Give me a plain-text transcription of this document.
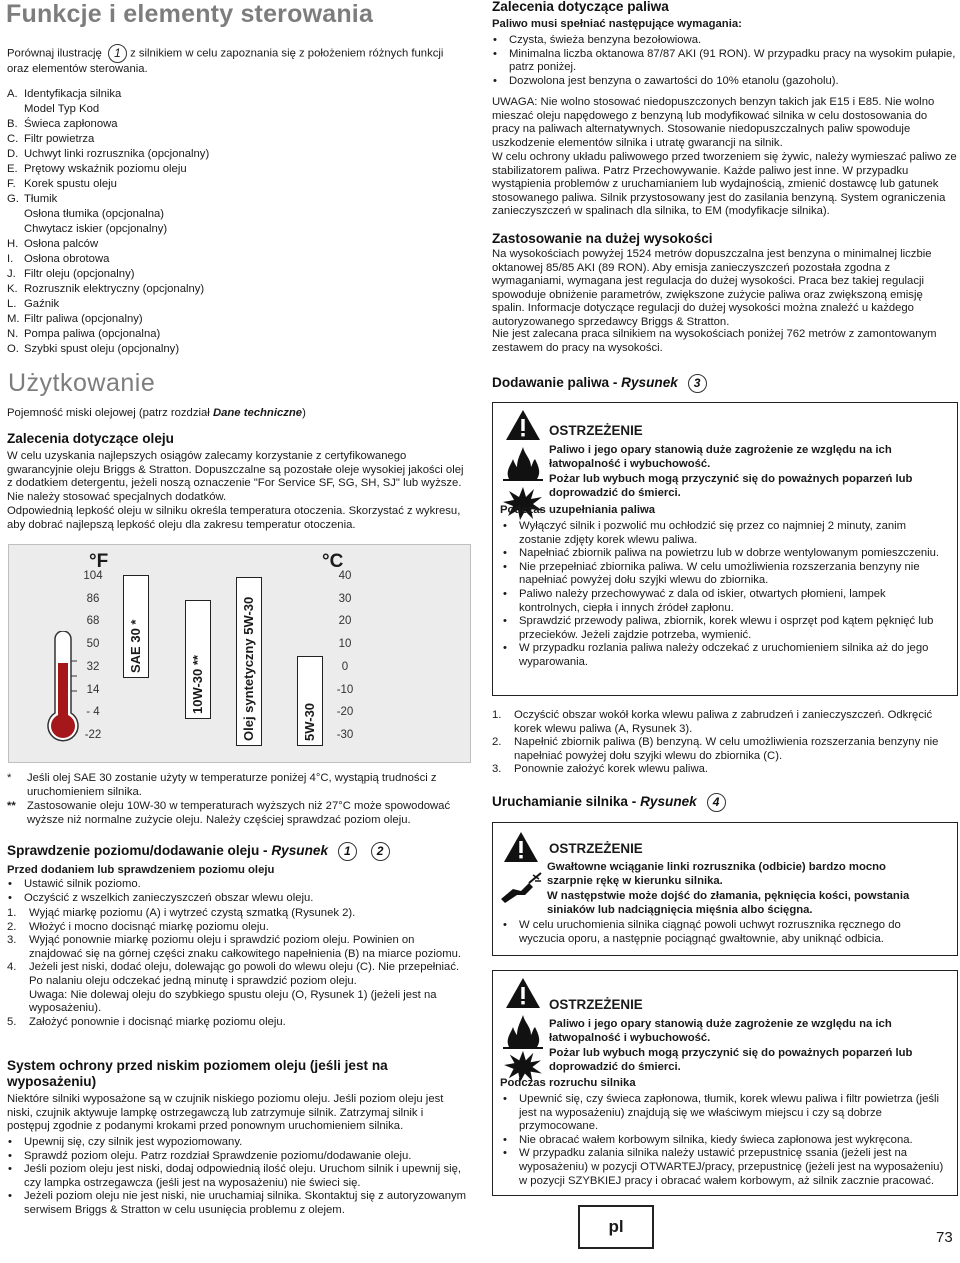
Funkcje i elementy sterowania
Porównaj ilustrację 1 z silnikiem w celu zapoznania się z położeniem różnych funkcji oraz elementów sterowania.
A. Identyfikacja silnika
Model Typ Kod
B. Świeca zapłonowa
C. Filtr powietrza
D. Uchwyt linki rozrusznika (opcjonalny)
E. Prętowy wskaźnik poziomu oleju
F. Korek spustu oleju
G. Tłumik
Osłona tłumika (opcjonalna)
Chwytacz iskier (opcjonalny)
H. Osłona palców
I. Osłona obrotowa
J. Filtr oleju (opcjonalny)
K. Rozrusznik elektryczny (opcjonalny)
L. Gaźnik
M. Filtr paliwa (opcjonalny)
N. Pompa paliwa (opcjonalna)
O. Szybki spust oleju (opcjonalny)
Użytkowanie
Pojemność miski olejowej (patrz rozdział Dane techniczne)
Zalecenia dotyczące oleju

W celu uzyskania najlepszych osiągów zalecamy korzystanie z certyfikowanego gwarancyjnie oleju Briggs & Stratton. Dopuszczalne są pozostałe oleje wysokiej jakości olej z dodatkiem detergentu, jeżeli noszą oznaczenie "For Service SF, SG, SH, SJ" lub wyższe. Nie należy stosować specjalnych dodatków.

Odpowiednią lepkość oleju w silniku określa temperatura otoczenia. Skorzystać z wykresu, aby dobrać najlepszą lepkość oleju dla zakresu temperatur otoczenia.

°F	°C
104
86
68
50
32
14
- 4
-22
40
30
20
10
0
-10
-20
-30
SAE 30 *
10W-30 **	Olej syntetyczny 5W-30	5W-30
* Jeśli olej SAE 30 zostanie użyty w temperaturze poniżej 4°C, wystąpią trudności z uruchomieniem silnika.

** Zastosowanie oleju 10W-30 w temperaturach wyższych niż 27°C może spowodować wyższe niż normalne zużycie oleju. Należy częściej sprawdzać poziom oleju.

Sprawdzenie poziomu/dodawanie oleju - Rysunek 1 2
Przed dodaniem lub sprawdzeniem poziomu oleju
• Ustawić silnik poziomo.
• Oczyścić z wszelkich zanieczyszczeń obszar wlewu oleju.
1. Wyjąć miarkę poziomu (A) i wytrzeć czystą szmatką (Rysunek 2).
2. Włożyć i mocno docisnąć miarkę poziomu oleju.
3. Wyjąć ponownie miarkę poziomu oleju i sprawdzić poziom oleju. Powinien on znajdować się na górnej części znaku całkowitego napełnienia (B) na miarce poziomu.
4. Jeżeli jest niski, dodać oleju, dolewając go powoli do wlewu oleju (C). Nie przepełniać. Po nalaniu oleju odczekać jedną minutę i sprawdzić poziom oleju.
Uwaga: Nie dolewaj oleju do szybkiego spustu oleju (O, Rysunek 1) (jeżeli jest na wyposażeniu).
5. Założyć ponownie i docisnąć miarkę poziomu oleju.
System ochrony przed niskim poziomem oleju (jeśli jest na wyposażeniu)

Niektóre silniki wyposażone są w czujnik niskiego poziomu oleju. Jeśli poziom oleju jest niski, czujnik aktywuje lampkę ostrzegawczą lub zatrzymuje silnik. Zatrzymaj silnik i postępuj zgodnie z podanymi krokami przed ponownym uruchomieniem silnika.

• Upewnij się, czy silnik jest wypoziomowany.
• Sprawdź poziom oleju. Patrz rozdział Sprawdzenie poziomu/dodawanie oleju.
• Jeśli poziom oleju jest niski, dodaj odpowiednią ilość oleju. Uruchom silnik i upewnij się, czy lampka ostrzegawcza (jeśli jest na wyposażeniu) nie świeci się.
• Jeżeli poziom oleju nie jest niski, nie uruchamiaj silnika. Skontaktuj się z autoryzowanym serwisem Briggs & Stratton w celu usunięcia problemu z olejem.
Zalecenia dotyczące paliwa
Paliwo musi spełniać następujące wymagania:
• Czysta, świeża benzyna bezołowiowa.
• Minimalna liczba oktanowa 87/87 AKI (91 RON). W przypadku pracy na wysokim pułapie, patrz poniżej.
• Dozwolona jest benzyna o zawartości do 10% etanolu (gazoholu).

UWAGA: Nie wolno stosować niedopuszczonych benzyn takich jak E15 i E85. Nie wolno mieszać oleju napędowego z benzyną lub modyfikować silnika w celu dostosowania do pracy na paliwach alternatywnych. Stosowanie niedopuszczalnych paliw spowoduje uszkodzenie elementów silnika i utratę gwarancji na silnik.

W celu ochrony układu paliwowego przed tworzeniem się żywic, należy wymieszać paliwo ze stabilizatorem paliwa. Patrz Przechowywanie. Każde paliwo jest inne. W przypadku wystąpienia problemów z uruchamianiem lub wydajnością, zmienić dostawcę lub gatunek stosowanego paliwa. Silnik przystosowany jest do zasilania benzyną. System ograniczenia zanieczyszczeń w spalinach dla silnika, to EM (modyfikacje silnika).

Zastosowanie na dużej wysokości

Na wysokościach powyżej 1524 metrów dopuszczalna jest benzyna o minimalnej liczbie oktanowej 85/85 AKI (89 RON). Aby emisja zanieczyszczeń pozostała zgodna z wymaganiami, wymagana jest regulacja do dużej wysokości. Praca bez takiej regulacji spowoduje obniżenie parametrów, zwiększone zużycie paliwa oraz zwiększoną emisję spalin. Informacje dotyczące regulacji do dużej wysokości można znaleźć u każdego autoryzowanego sprzedawcy Briggs & Stratton.

Nie jest zalecana praca silnikiem na wysokościach poniżej 762 metrów z zamontowanym zestawem do pracy na wysokości.

Dodawanie paliwa - Rysunek 3
OSTRZEŻENIE

Paliwo i jego opary stanowią duże zagrożenie ze względu na ich łatwopalność i wybuchowość.

Pożar lub wybuch mogą przyczynić się do poważnych poparzeń lub doprowadzić do śmierci.

Podczas uzupełniania paliwa
• Wyłączyć silnik i pozwolić mu ochłodzić się przez co najmniej 2 minuty, zanim zostanie zdjęty korek wlewu paliwa.
• Napełniać zbiornik paliwa na powietrzu lub w dobrze wentylowanym pomieszczeniu.
• Nie przepełniać zbiornika paliwa. W celu umożliwienia rozszerzania benzyny nie napełniać powyżej dołu szyjki wlewu do zbiornika.
• Paliwo należy przechowywać z dala od iskier, otwartych płomieni, lampek kontrolnych, ciepła i innych źródeł zapłonu.
• Sprawdzić przewody paliwa, zbiornik, korek wlewu i osprzęt pod kątem pęknięć lub przecieków. Jeżeli zajdzie potrzeba, wymienić.
• W przypadku rozlania paliwa należy odczekać z uruchomieniem silnika aż do jego wyparowania.
1. Oczyścić obszar wokół korka wlewu paliwa z zabrudzeń i zanieczyszczeń. Odkręcić korek wlewu paliwa (A, Rysunek 3).
2. Napełnić zbiornik paliwa (B) benzyną. W celu umożliwienia rozszerzania benzyny nie napełniać powyżej dołu szyjki wlewu do zbiornika (C).
3. Ponownie założyć korek wlewu paliwa.
Uruchamianie silnika - Rysunek 4
OSTRZEŻENIE

Gwałtowne wciąganie linki rozrusznika (odbicie) bardzo mocno szarpnie rękę w kierunku silnika.

W następstwie może dojść do złamania, pęknięcia kości, powstania siniaków lub nadciągnięcia mięśnia albo ścięgna.

• W celu uruchomienia silnika ciągnąć powoli uchwyt rozrusznika ręcznego do wyczucia oporu, a następnie pociągnąć gwałtownie, aby uniknąć odbicia.
OSTRZEŻENIE

Paliwo i jego opary stanowią duże zagrożenie ze względu na ich łatwopalność i wybuchowość.

Pożar lub wybuch mogą przyczynić się do poważnych poparzeń lub doprowadzić do śmierci.

Podczas rozruchu silnika
• Upewnić się, czy świeca zapłonowa, tłumik, korek wlewu paliwa i filtr powietrza (jeśli jest na wyposażeniu) znajdują się we właściwym miejscu i czy są dobrze przymocowane.
• Nie obracać wałem korbowym silnika, kiedy świeca zapłonowa jest wykręcona.
• W przypadku zalania silnika należy ustawić przepustnicę ssania (jeżeli jest na wyposażeniu) w pozycji OTWARTEJ/pracy, przepustnicę (jeżeli jest na wyposażeniu) w pozycji SZYBKIEJ pracy i obracać wałem korbowym, aż silnik zacznie pracować.
pl
73
